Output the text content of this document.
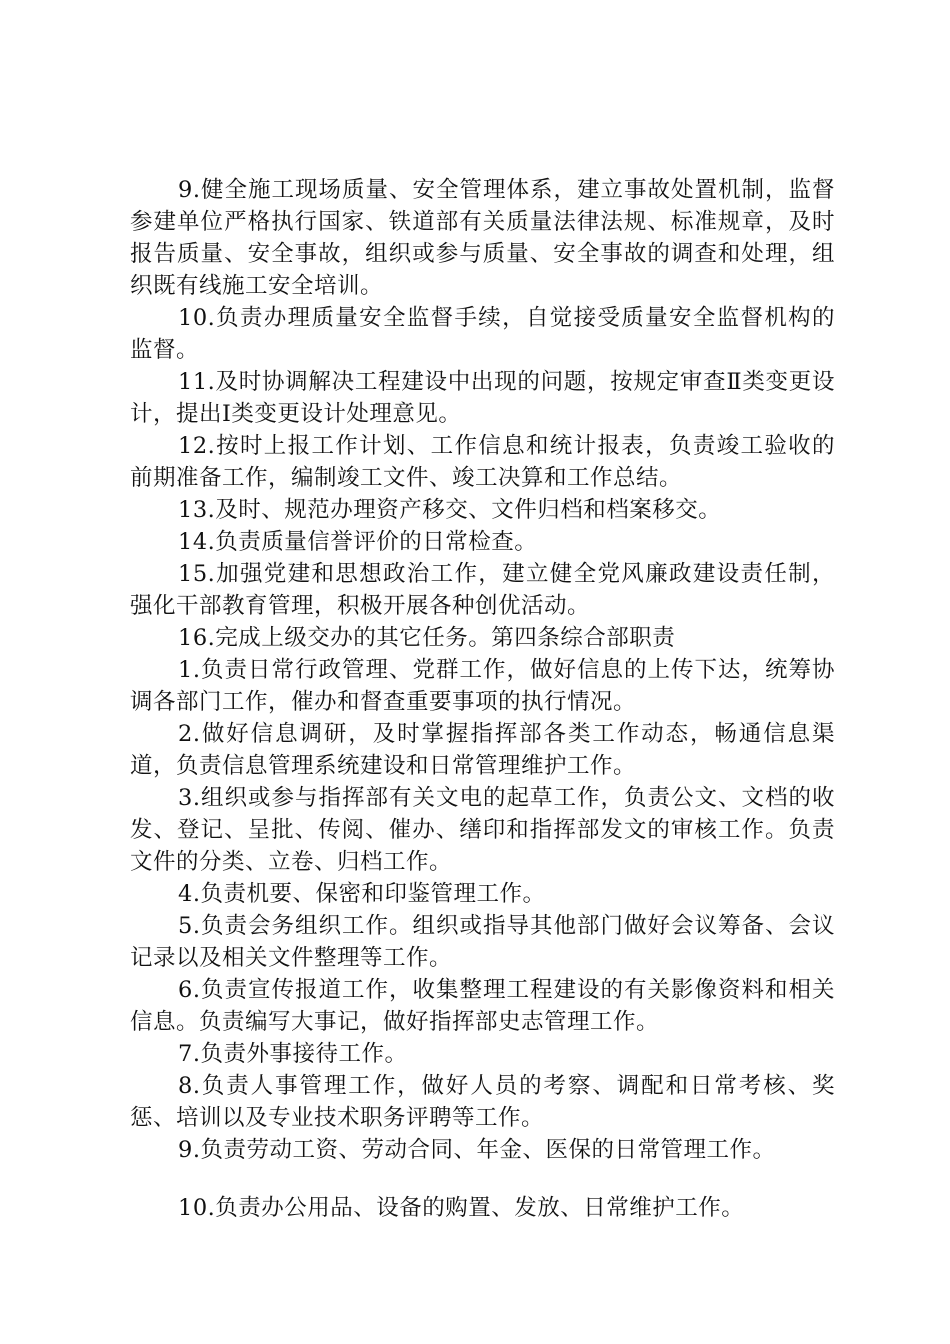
9.健全施工现场质量、安全管理体系，建立事故处置机制，监督参建单位严格执行国家、铁道部有关质量法律法规、标准规章，及时报告质量、安全事故，组织或参与质量、安全事故的调查和处理，组织既有线施工安全培训。

10.负责办理质量安全监督手续，自觉接受质量安全监督机构的监督。

11.及时协调解决工程建设中出现的问题，按规定审查Ⅱ类变更设计，提出Ⅰ类变更设计处理意见。

12.按时上报工作计划、工作信息和统计报表，负责竣工验收的前期准备工作，编制竣工文件、竣工决算和工作总结。

13.及时、规范办理资产移交、文件归档和档案移交。

14.负责质量信誉评价的日常检查。

15.加强党建和思想政治工作，建立健全党风廉政建设责任制，强化干部教育管理，积极开展各种创优活动。

16.完成上级交办的其它任务。第四条综合部职责

1.负责日常行政管理、党群工作，做好信息的上传下达，统筹协调各部门工作，催办和督查重要事项的执行情况。

2.做好信息调研，及时掌握指挥部各类工作动态，畅通信息渠道，负责信息管理系统建设和日常管理维护工作。

3.组织或参与指挥部有关文电的起草工作，负责公文、文档的收发、登记、呈批、传阅、催办、缮印和指挥部发文的审核工作。负责文件的分类、立卷、归档工作。

4.负责机要、保密和印鉴管理工作。

5.负责会务组织工作。组织或指导其他部门做好会议筹备、会议记录以及相关文件整理等工作。

6.负责宣传报道工作，收集整理工程建设的有关影像资料和相关信息。负责编写大事记，做好指挥部史志管理工作。

7.负责外事接待工作。

8.负责人事管理工作，做好人员的考察、调配和日常考核、奖惩、培训以及专业技术职务评聘等工作。

9.负责劳动工资、劳动合同、年金、医保的日常管理工作。

10.负责办公用品、设备的购置、发放、日常维护工作。
